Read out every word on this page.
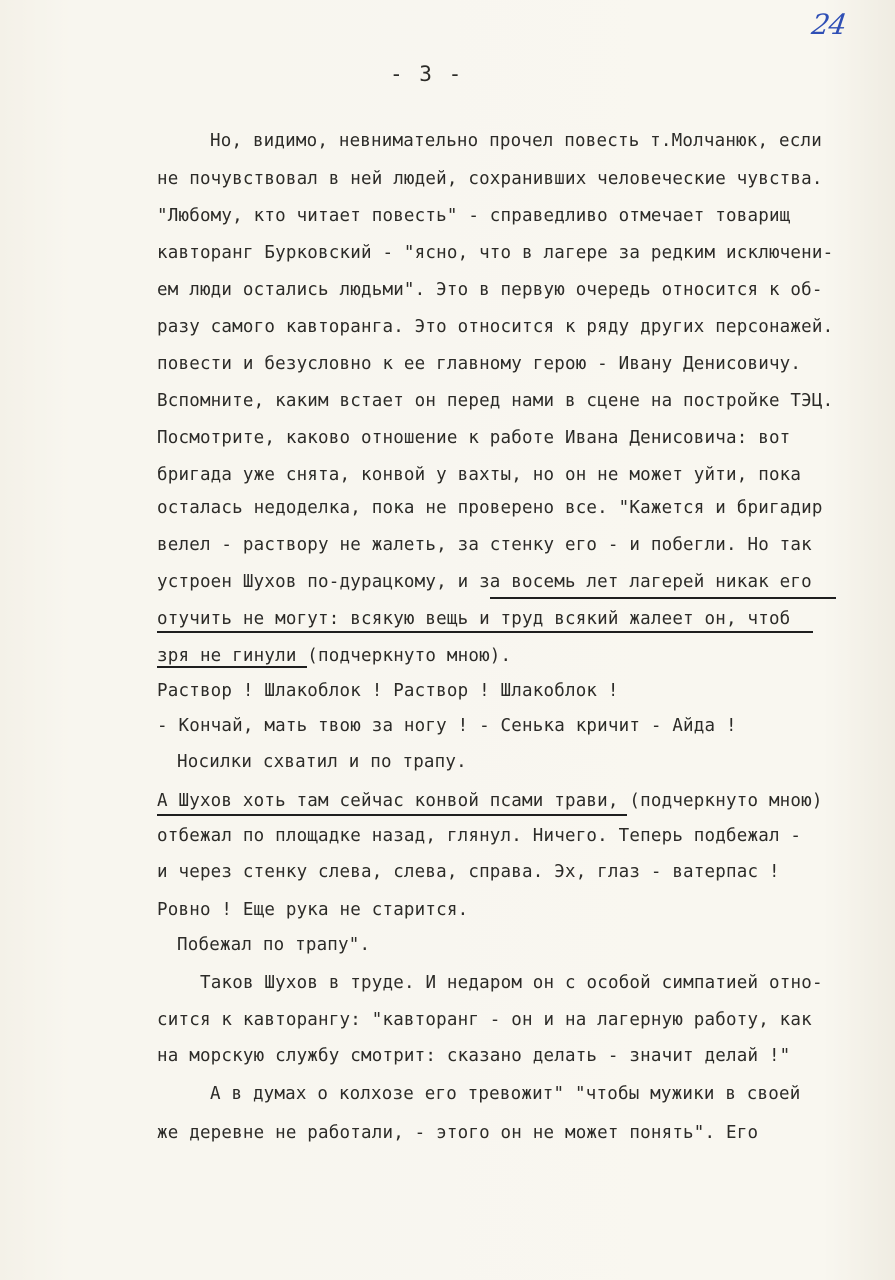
24
- 3 -
Но, видимо, невнимательно прочел повесть т.Молчанюк, если
не почувствовал в ней людей, сохранивших человеческие чувства.
"Любому, кто читает повесть" - справедливо отмечает товарищ
кавторанг Бурковский - "ясно, что в лагере за редким исключени-
ем люди остались людьми". Это в первую очередь относится к об-
разу самого кавторанга. Это относится к ряду других персонажей.
повести и безусловно к ее главному герою - Ивану Денисовичу.
Вспомните, каким встает он перед нами в сцене на постройке ТЭЦ.
Посмотрите, каково отношение к работе Ивана Денисовича: вот
бригада уже снята, конвой у вахты, но он не может уйти, пока
осталась недоделка, пока не проверено все. "Кажется и бригадир
велел - раствору не жалеть, за стенку его - и побегли. Но так
устроен Шухов по-дурацкому, и за восемь лет лагерей никак его
отучить не могут: всякую вещь и труд всякий жалеет он, чтоб
зря не гинули (подчеркнуто мною).
Раствор ! Шлакоблок ! Раствор ! Шлакоблок !
- Кончай, мать твою за ногу ! - Сенька кричит - Айда !
Носилки схватил и по трапу.
А Шухов хоть там сейчас конвой псами трави, (подчеркнуто мною)
отбежал по площадке назад, глянул. Ничего. Теперь подбежал -
и через стенку слева, слева, справа. Эх, глаз - ватерпас !
Ровно ! Еще рука не старится.
Побежал по трапу".
Таков Шухов в труде. И недаром он с особой симпатией отно-
сится к кавторангу: "кавторанг - он и на лагерную работу, как
на морскую службу смотрит: сказано делать - значит делай !"
А в думах о колхозе его тревожит" "чтобы мужики в своей
же деревне не работали, - этого он не может понять". Его
